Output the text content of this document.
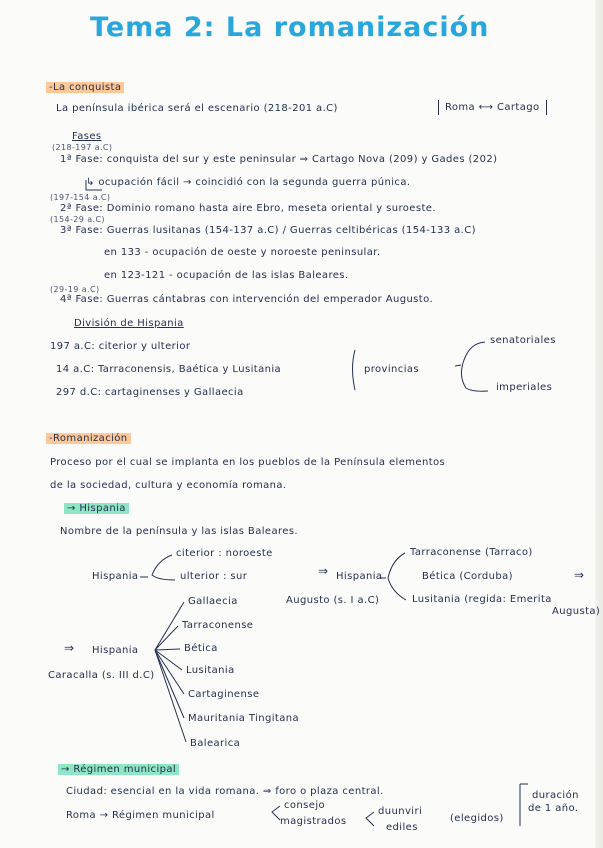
Tema 2: La romanización
-La conquista
La península ibérica será el escenario (218-201 a.C)	Roma ⟷ Cartago
Fases
(218-197 a.C)
1ª Fase: conquista del sur y este peninsular ⇒ Cartago Nova (209) y Gades (202)
↳ ocupación fácil → coincidió con la segunda guerra púnica.
(197-154 a.C)
2ª Fase: Dominio romano hasta aire Ebro, meseta oriental y suroeste.
(154-29 a.C)
3ª Fase: Guerras lusitanas (154-137 a.C) / Guerras celtibéricas (154-133 a.C)
en 133 - ocupación de oeste y noroeste peninsular.
en 123-121 - ocupación de las islas Baleares.
(29-19 a.C)
4ª Fase: Guerras cántabras con intervención del emperador Augusto.
División de Hispania
197 a.C: citerior y ulterior
14 a.C: Tarraconensis, Baética y Lusitania
297 d.C: cartaginenses y Gallaecia
provincias
senatoriales
imperiales
-Romanización
Proceso por el cual se implanta en los pueblos de la Península elementos
de la sociedad, cultura y economía romana.
→ Hispania
Nombre de la península y las islas Baleares.
Hispania
citerior : noroeste
ulterior : sur	⇒ Hispania
Augusto (s. I a.C)
Tarraconense (Tarraco)
Bética (Corduba)
Lusitania (regida: Emerita
Augusta)
⇒
⇒ Hispania
Caracalla (s. III d.C)
Gallaecia
Tarraconense
Bética
Lusitania
Cartaginense
Mauritania Tingitana
Balearica
→ Régimen municipal
Ciudad: esencial en la vida romana. ⇒ foro o plaza central.
Roma → Régimen municipal
consejo
magistrados
duunviri
ediles
(elegidos)
duración
de 1 año.
